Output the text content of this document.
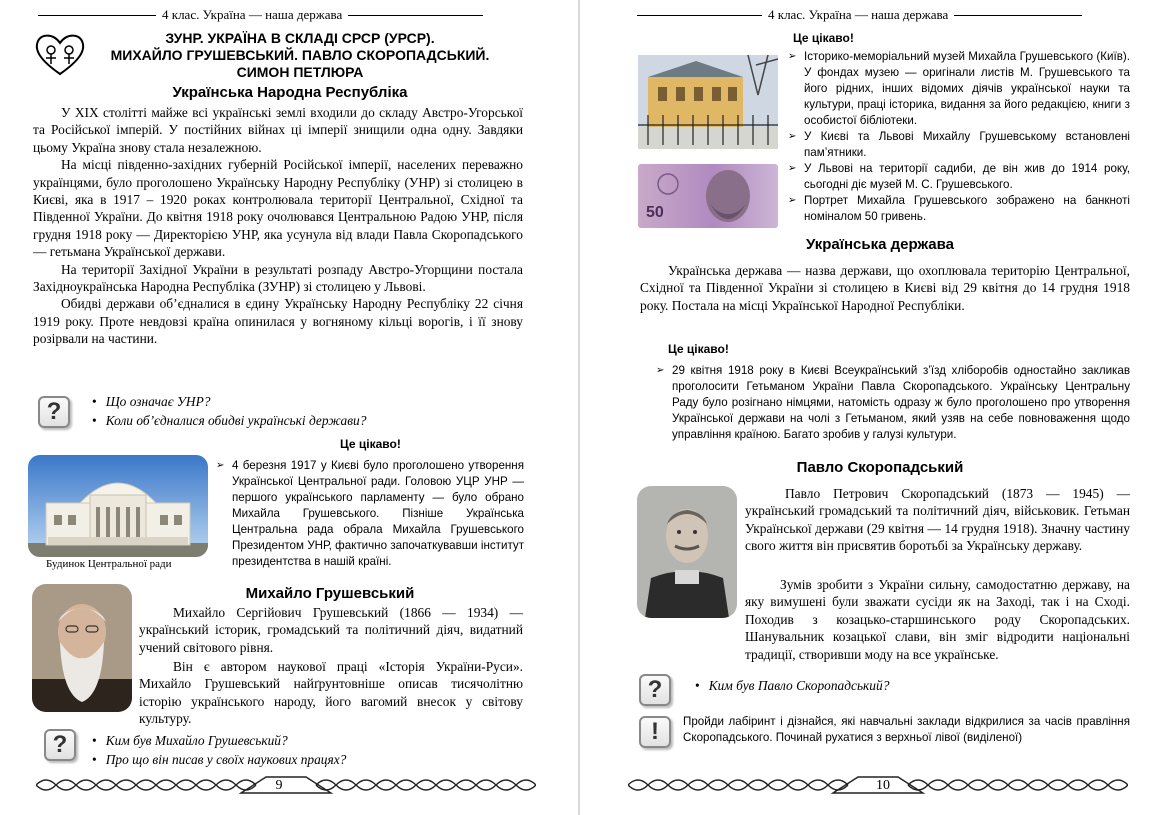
4 клас. Україна — наша держава
ЗУНР. УКРАЇНА В СКЛАДІ СРСР (УРСР).
МИХАЙЛО ГРУШЕВСЬКИЙ. ПАВЛО СКОРОПАДСЬКИЙ.
СИМОН ПЕТЛЮРА
Українська Народна Республіка

У XIX столітті майже всі українські землі входили до складу Австро-Угорської та Російської імперій. У постійних війнах ці імперії знищили одна одну. Завдяки цьому Україна знову стала незалежною.

На місці південно-західних губерній Російської імперії, населених переважно українцями, було проголошено Українську Народну Республіку (УНР) зі столицею в Києві, яка в 1917 – 1920 роках контролювала території Центральної, Східної та Південної України. До квітня 1918 року очолювався Центральною Радою УНР, після грудня 1918 року — Директорією УНР, яка усунула від влади Павла Скоропадського — гетьмана Української держави.

На території Західної України в результаті розпаду Австро-Угорщини постала Західноукраїнська Народна Республіка (ЗУНР) зі столицею у Львові.

Обидві держави об’єдналися в єдину Українську Народну Республіку 22 січня 1919 року. Проте невдовзі країна опинилася у вогняному кільці ворогів, і її знову розірвали на частини.

?	• Що означає УНР?
• Коли об’єдналися обидві українські держави?
Це цікаво!
Будинок Центральної ради
➢ 4 березня 1917 у Києві було проголошено утворення Української Центральної ради. Головою УЦР УНР — першого українського парламенту — було обрано Михайла Грушевського. Пізніше Українська Центральна рада обрала Михайла Грушевського Президентом УНР, фактично започаткувавши інститут президентства в нашій країні.
Михайло Грушевський

Михайло Сергійович Грушевський (1866 — 1934) — український історик, громадський та політичний діяч, видатний учений світового рівня.

Він є автором наукової праці «Історія України-Руси». Михайло Грушевський найґрунтовніше описав тисячолітню історію українського народу, його вагомий внесок у світову культуру.

?	• Ким був Михайло Грушевський?
• Про що він писав у своїх наукових працях?
9
4 клас. Україна — наша держава
Це цікаво!
50
➢ Історико-меморіальний музей Михайла Грушевського (Київ). У фондах музею — оригінали листів М. Грушевського та його рідних, інших відомих діячів української науки та культури, праці історика, видання за його редакцією, книги з особистої бібліотеки.
➢ У Києві та Львові Михайлу Грушевському встановлені пам’ятники.
➢ У Львові на території садиби, де він жив до 1914 року, сьогодні діє музей М. С. Грушевського.
➢ Портрет Михайла Грушевського зображено на банкноті номіналом 50 гривень.
Українська держава

Українська держава — назва держави, що охоплювала територію Центральної, Східної та Південної України зі столицею в Києві від 29 квітня до 14 грудня 1918 року. Постала на місці Української Народної Республіки.

Це цікаво!
➢ 29 квітня 1918 року в Києві Всеукраїнський з’їзд хліборобів одностайно закликав проголосити Гетьманом України Павла Скоропадського. Українську Центральну Раду було розігнано німцями, натомість одразу ж було проголошено про утворення Української держави на чолі з Гетьманом, який узяв на себе повноваження щодо управління країною. Багато зробив у галузі культури.
Павло Скоропадський

Павло Петрович Скоропадський (1873 — 1945) — український громадський та політичний діяч, військовик. Гетьман Української держави (29 квітня — 14 грудня 1918). Значну частину свого життя він присвятив боротьбі за Українську державу.

Зумів зробити з України сильну, самодостатню державу, на яку вимушені були зважати сусіди як на Заході, так і на Сході. Походив з козацько-старшинського роду Скоропадських. Шанувальник козацької слави, він зміг відродити національні традиції, створивши моду на все українське.

?	• Ким був Павло Скоропадський?
!	Пройди лабіринт і дізнайся, які навчальні заклади відкрилися за часів правління Скоропадського. Починай рухатися з верхньої лівої (виділеної)
10
